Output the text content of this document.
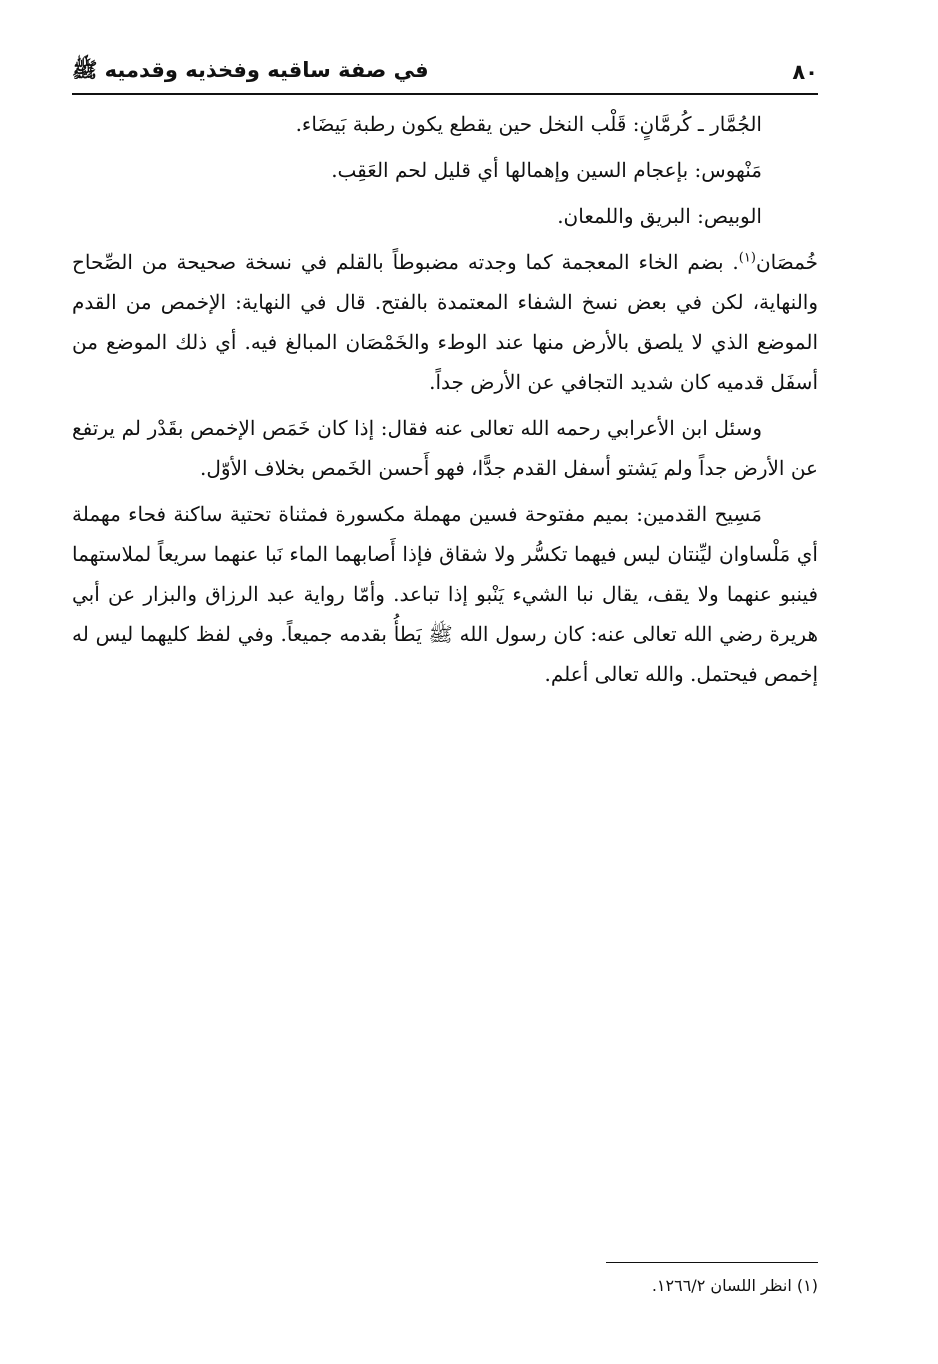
٨٠
في صفة ساقيه وفخذيه وقدميه ﷺ

الجُمَّار ـ كُرمَّانٍ: قَلْب النخل حين يقطع يكون رطبة بَيضَاء.

مَنْهوس: بإعجام السين وإهمالها أي قليل لحم العَقِب.

الوبيص: البريق واللمعان.

خُمصَان$^{(١)}$. بضم الخاء المعجمة كما وجدته مضبوطاً بالقلم في نسخة صحيحة من الصِّحاح والنهاية، لكن في بعض نسخ الشفاء المعتمدة بالفتح. قال في النهاية: الإخمص من القدم الموضع الذي لا يلصق بالأرض منها عند الوطء والخَمْصَان المبالغ فيه. أي ذلك الموضع من أسفَل قدميه كان شديد التجافي عن الأرض جداً.

وسئل ابن الأعرابي رحمه الله تعالى عنه فقال: إذا كان خَمَص الإخمص بقَدْر لم يرتفع عن الأرض جداً ولم يَشتو أسفل القدم جدًّا، فهو أَحسن الخَمص بخلاف الأوّل.

مَسِيح القدمين: بميم مفتوحة فسين مهملة مكسورة فمثناة تحتية ساكنة فحاء مهملة أي مَلْساوان ليِّنتان ليس فيهما تكسُّر ولا شقاق فإذا أَصابهما الماء نَبا عنهما سريعاً لملاستهما فينبو عنهما ولا يقف، يقال نبا الشيء يَنْبو إذا تباعد. وأمّا رواية عبد الرزاق والبزار عن أبي هريرة رضي الله تعالى عنه: كان رسول الله ﷺ يَطأُ بقدمه جميعاً. وفي لفظ كليهما ليس له إخمص فيحتمل. والله تعالى أعلم.

(١) انظر اللسان ١٢٦٦/٢.
